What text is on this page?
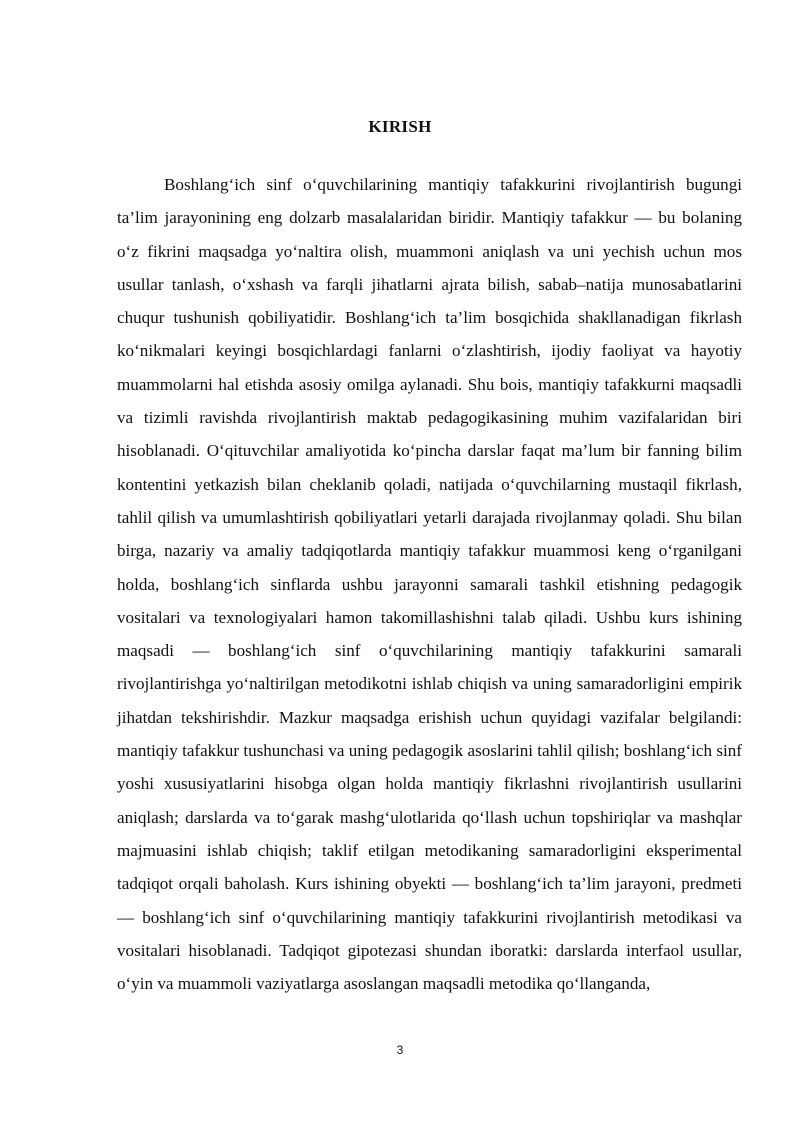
KIRISH

Boshlang‘ich sinf o‘quvchilarining mantiqiy tafakkurini rivojlantirish bugungi ta’lim jarayonining eng dolzarb masalalaridan biridir. Mantiqiy tafakkur — bu bolaning o‘z fikrini maqsadga yo‘naltira olish, muammoni aniqlash va uni yechish uchun mos usullar tanlash, o‘xshash va farqli jihatlarni ajrata bilish, sabab–natija munosabatlarini chuqur tushunish qobiliyatidir. Boshlang‘ich ta’lim bosqichida shakllanadigan fikrlash ko‘nikmalari keyingi bosqichlardagi fanlarni o‘zlashtirish, ijodiy faoliyat va hayotiy muammolarni hal etishda asosiy omilga aylanadi. Shu bois, mantiqiy tafakkurni maqsadli va tizimli ravishda rivojlantirish maktab pedagogikasining muhim vazifalaridan biri hisoblanadi. O‘qituvchilar amaliyotida ko‘pincha darslar faqat ma’lum bir fanning bilim kontentini yetkazish bilan cheklanib qoladi, natijada o‘quvchilarning mustaqil fikrlash, tahlil qilish va umumlashtirish qobiliyatlari yetarli darajada rivojlanmay qoladi. Shu bilan birga, nazariy va amaliy tadqiqotlarda mantiqiy tafakkur muammosi keng o‘rganilgani holda, boshlang‘ich sinflarda ushbu jarayonni samarali tashkil etishning pedagogik vositalari va texnologiyalari hamon takomillashishni talab qiladi. Ushbu kurs ishining maqsadi — boshlang‘ich sinf o‘quvchilarining mantiqiy tafakkurini samarali rivojlantirishga yo‘naltirilgan metodikotni ishlab chiqish va uning samaradorligini empirik jihatdan tekshirishdir. Mazkur maqsadga erishish uchun quyidagi vazifalar belgilandi: mantiqiy tafakkur tushunchasi va uning pedagogik asoslarini tahlil qilish; boshlang‘ich sinf yoshi xususiyatlarini hisobga olgan holda mantiqiy fikrlashni rivojlantirish usullarini aniqlash; darslarda va to‘garak mashg‘ulotlarida qo‘llash uchun topshiriqlar va mashqlar majmuasini ishlab chiqish; taklif etilgan metodikaning samaradorligini eksperimental tadqiqot orqali baholash. Kurs ishining obyekti — boshlang‘ich ta’lim jarayoni, predmeti — boshlang‘ich sinf o‘quvchilarining mantiqiy tafakkurini rivojlantirish metodikasi va vositalari hisoblanadi. Tadqiqot gipotezasi shundan iboratki: darslarda interfaol usullar, o‘yin va muammoli vaziyatlarga asoslangan maqsadli metodika qo‘llanganda,

3
